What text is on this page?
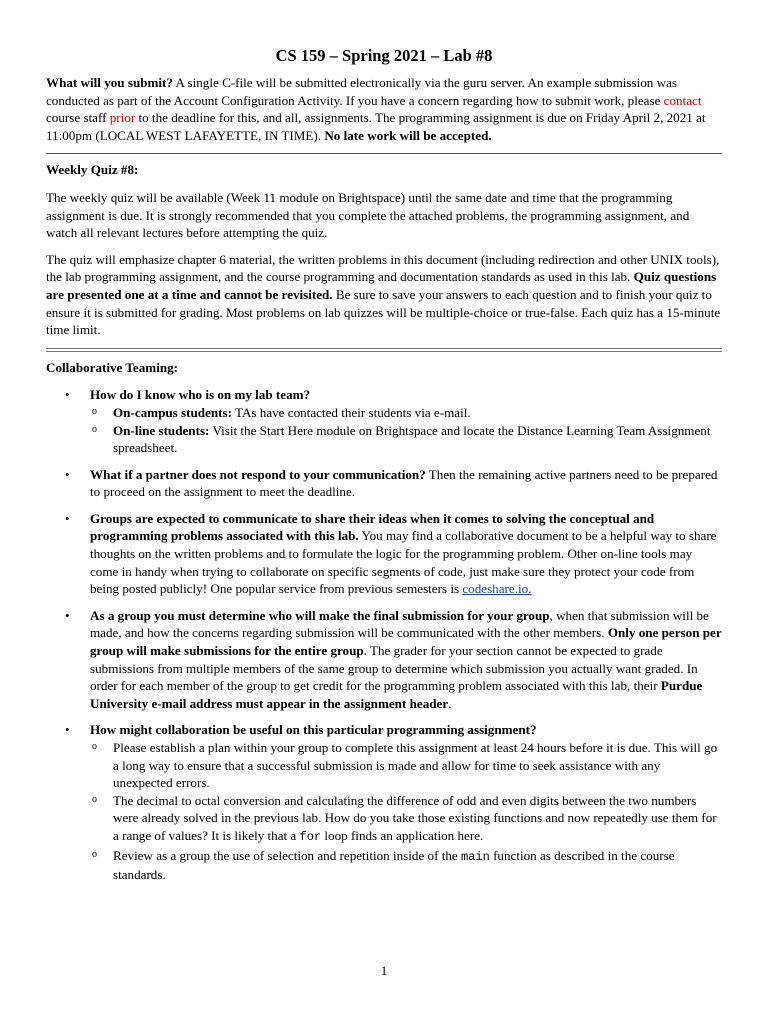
CS 159 – Spring 2021 – Lab #8

What will you submit? A single C-file will be submitted electronically via the guru server. An example submission was conducted as part of the Account Configuration Activity. If you have a concern regarding how to submit work, please contact course staff prior to the deadline for this, and all, assignments. The programming assignment is due on Friday April 2, 2021 at 11:00pm (LOCAL WEST LAFAYETTE, IN TIME). No late work will be accepted.

Weekly Quiz #8:

The weekly quiz will be available (Week 11 module on Brightspace) until the same date and time that the programming assignment is due. It is strongly recommended that you complete the attached problems, the programming assignment, and watch all relevant lectures before attempting the quiz.

The quiz will emphasize chapter 6 material, the written problems in this document (including redirection and other UNIX tools), the lab programming assignment, and the course programming and documentation standards as used in this lab. Quiz questions are presented one at a time and cannot be revisited. Be sure to save your answers to each question and to finish your quiz to ensure it is submitted for grading. Most problems on lab quizzes will be multiple-choice or true-false. Each quiz has a 15-minute time limit.

Collaborative Teaming:
• How do I know who is on my lab team?
o On-campus students: TAs have contacted their students via e-mail.
o On-line students: Visit the Start Here module on Brightspace and locate the Distance Learning Team Assignment spreadsheet.
• What if a partner does not respond to your communication? Then the remaining active partners need to be prepared to proceed on the assignment to meet the deadline.
• Groups are expected to communicate to share their ideas when it comes to solving the conceptual and programming problems associated with this lab. You may find a collaborative document to be a helpful way to share thoughts on the written problems and to formulate the logic for the programming problem. Other on-line tools may come in handy when trying to collaborate on specific segments of code, just make sure they protect your code from being posted publicly! One popular service from previous semesters is codeshare.io.
• As a group you must determine who will make the final submission for your group, when that submission will be made, and how the concerns regarding submission will be communicated with the other members. Only one person per group will make submissions for the entire group. The grader for your section cannot be expected to grade submissions from multiple members of the same group to determine which submission you actually want graded. In order for each member of the group to get credit for the programming problem associated with this lab, their Purdue University e-mail address must appear in the assignment header.
• How might collaboration be useful on this particular programming assignment?
o Please establish a plan within your group to complete this assignment at least 24 hours before it is due. This will go a long way to ensure that a successful submission is made and allow for time to seek assistance with any unexpected errors.
o The decimal to octal conversion and calculating the difference of odd and even digits between the two numbers were already solved in the previous lab. How do you take those existing functions and now repeatedly use them for a range of values? It is likely that a for loop finds an application here.
o Review as a group the use of selection and repetition inside of the main function as described in the course standards.
1
